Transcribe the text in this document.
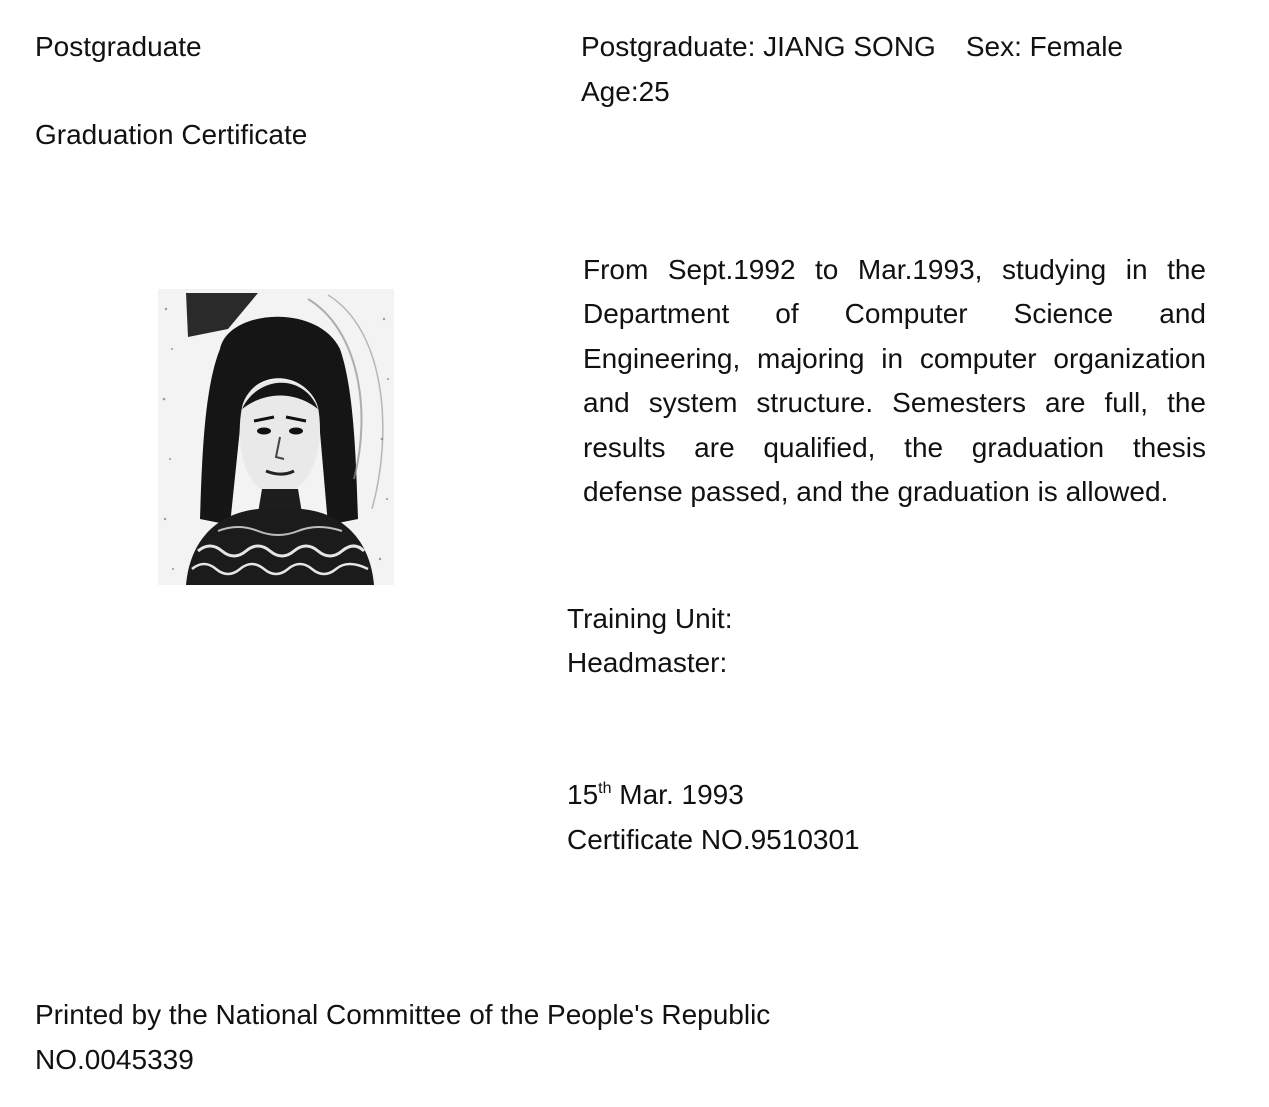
Postgraduate
Graduation Certificate
Postgraduate: JIANG SONG Sex: Female
Age:25
From Sept.1992 to Mar.1993, studying in the Department of Computer Science and Engineering, majoring in computer organization and system structure. Semesters are full, the results are qualified, the graduation thesis defense passed, and the graduation is allowed.
Training Unit:
Headmaster:
15th Mar. 1993
Certificate NO.9510301
Printed by the National Committee of the People's Republic
NO.0045339
